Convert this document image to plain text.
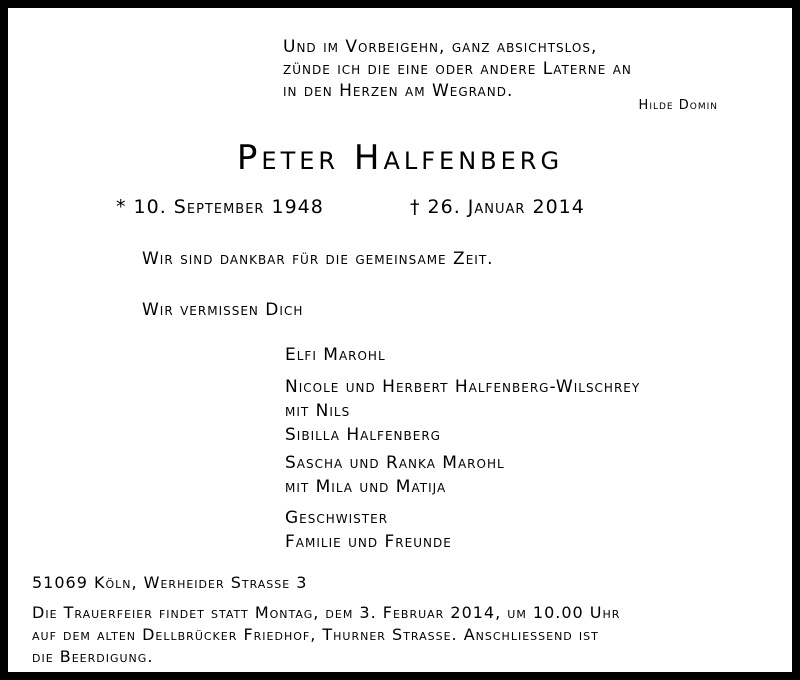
Und im Vorbeigehn, ganz absichtslos,
zünde ich die eine oder andere Laterne an
in den Herzen am Wegrand.
Hilde Domin
Peter Halfenberg
* 10. September 1948	† 26. Januar 2014
Wir sind dankbar für die gemeinsame Zeit.
Wir vermissen Dich
Elfi Marohl
Nicole und Herbert Halfenberg-Wilschrey
mit Nils
Sibilla Halfenberg
Sascha und Ranka Marohl
mit Mila und Matija
Geschwister
Familie und Freunde
51069 Köln, Werheider Strasse 3
Die Trauerfeier findet statt Montag, dem 3. Februar 2014, um 10.00 Uhr
auf dem alten Dellbrücker Friedhof, Thurner Strasse. Anschliessend ist
die Beerdigung.
